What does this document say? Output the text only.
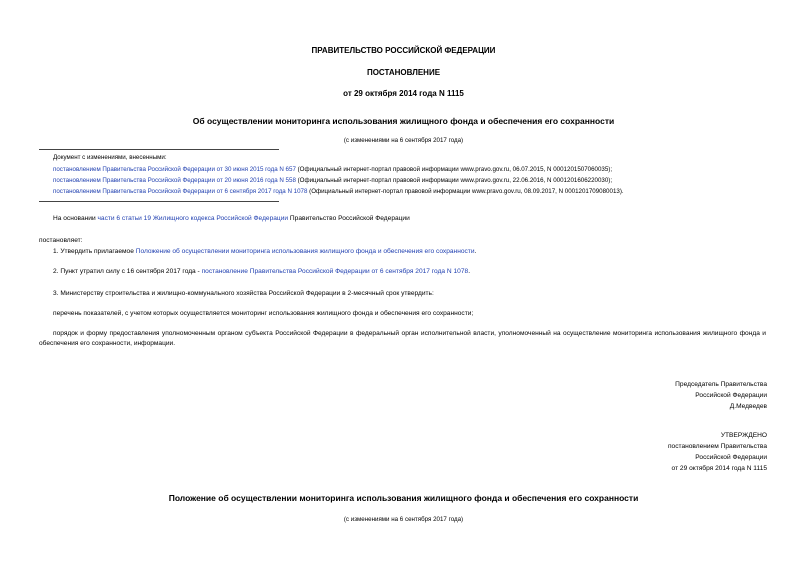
ПРАВИТЕЛЬСТВО РОССИЙСКОЙ ФЕДЕРАЦИИ
ПОСТАНОВЛЕНИЕ
от 29 октября 2014 года N 1115
Об осуществлении мониторинга использования жилищного фонда и обеспечения его сохранности
(с изменениями на 6 сентября 2017 года)
Документ с изменениями, внесенными:
постановлением Правительства Российской Федерации от 30 июня 2015 года N 657 (Официальный интернет-портал правовой информации www.pravo.gov.ru, 06.07.2015, N 0001201507060035);
постановлением Правительства Российской Федерации от 20 июня 2016 года N 558 (Официальный интернет-портал правовой информации www.pravo.gov.ru, 22.06.2016, N 0001201606220030);
постановлением Правительства Российской Федерации от 6 сентября 2017 года N 1078 (Официальный интернет-портал правовой информации www.pravo.gov.ru, 08.09.2017, N 0001201709080013).
На основании части 6 статьи 19 Жилищного кодекса Российской Федерации Правительство Российской Федерации
постановляет:
1. Утвердить прилагаемое Положение об осуществлении мониторинга использования жилищного фонда и обеспечения его сохранности.
2. Пункт утратил силу с 16 сентября 2017 года - постановление Правительства Российской Федерации от 6 сентября 2017 года N 1078.
3. Министерству строительства и жилищно-коммунального хозяйства Российской Федерации в 2-месячный срок утвердить:
перечень показателей, с учетом которых осуществляется мониторинг использования жилищного фонда и обеспечения его сохранности;
порядок и форму предоставления уполномоченным органом субъекта Российской Федерации в федеральный орган исполнительной власти, уполномоченный на осуществление мониторинга использования жилищного фонда и обеспечения его сохранности, информации.
Председатель Правительства
Российской Федерации
Д.Медведев
УТВЕРЖДЕНО
постановлением Правительства
Российской Федерации
от 29 октября 2014 года N 1115
Положение об осуществлении мониторинга использования жилищного фонда и обеспечения его сохранности
(с изменениями на 6 сентября 2017 года)
